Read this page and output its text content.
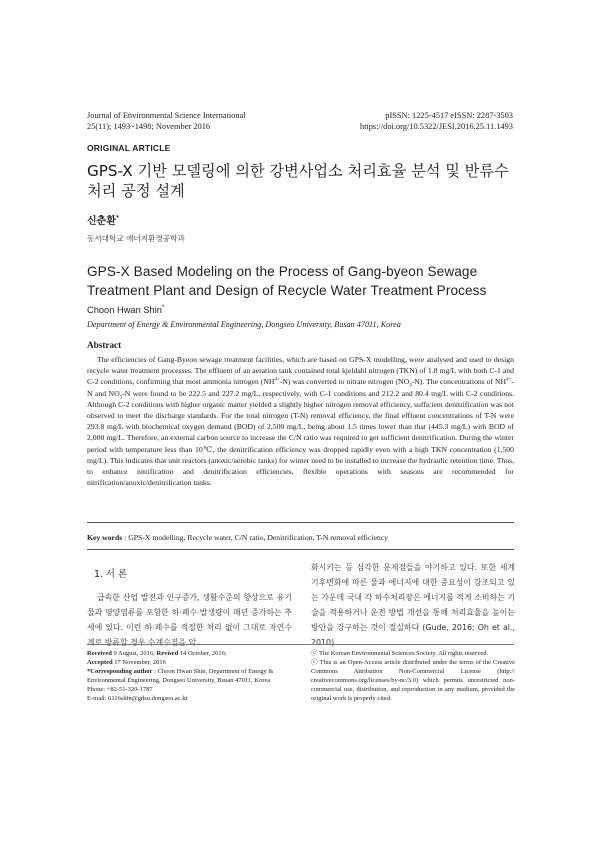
Journal of Environmental Science International
25(11); 1493~1498; November 2016
pISSN: 1225-4517 eISSN: 2287-3503
https://doi.org/10.5322/JESI.2016.25.11.1493
ORIGINAL ARTICLE
GPS-X 기반 모델링에 의한 강변사업소 처리효율 분석 및 반류수 처리 공정 설계
신춘환*
동서대학교 에너지환경공학과
GPS-X Based Modeling on the Process of Gang-byeon Sewage Treatment Plant and Design of Recycle Water Treatment Process
Choon Hwan Shin*
Department of Energy & Environmental Engineering, Dongseo University, Busan 47011, Korea
Abstract

The efficiencies of Gang-Byeon sewage treatment facilities, which are based on GPS-X modelling, were analysed and used to design recycle water treatment processes. The effluent of an aeration tank contained total kjeldahl nitrogen (TKN) of 1.8 mg/L with both C-1 and C-2 conditions, confirming that most ammonia nitrogen $(NH^{4+}-N)$ was converted to nitrate nitrogen $(NO_3-N)$. The concentrations of $NH^{4+}-N$ and $NO_3-N$ were found to be 222.5 and 227.2 mg/L, respectively, with C-1 conditions and 212.2 and 80.4 mg/L with C-2 conditions. Although C-2 conditions with higher organic matter yielded a slightly higher nitrogen removal efficiency, sufficient denitrification was not observed to meet the discharge standards. For the total nitrogen (T-N) removal efficiency, the final effluent concentrations of T-N were 293.8 mg/L with biochemical oxygen demand (BOD) of 2,500 mg/L, being about 1.5 times lower than that (445.3 mg/L) with BOD of 2,000 mg/L. Therefore, an external carbon source to increase the C/N ratio was required to get sufficient denitrification. During the winter period with temperature less than 10℃, the denitrification efficiency was dropped rapidly even with a high TKN concentration (1,500 mg/L). This indicates that unit reactors (anoxic/aerobic tanks) for winter need to be installed to increase the hydraulic retention time. Thus, to enhance nitrification and denitrification efficiencies, flexible operations with seasons are recommended for nitrification/anoxic/denitrification tanks.

Key words : GPS-X modelling, Recycle water, C/N ratio, Denitrification, T-N removal efficiency
1. 서 론

급속한 산업 발전과 인구증가, 생활수준의 향상으로 유기물과 영양염류를 포함한 하·폐수 발생량이 매년 증가하는 추세에 있다. 이런 하·폐수를 적절한 처리 없이 그대로 자연수계로 방류할 경우 수계수질을 악

화시키는 등 심각한 문제점들을 야기하고 있다. 또한 세계 기후변화에 따른 물과 에너지에 대한 중요성이 강조되고 있는 가운데 국내 각 하수처리장은 에너지를 적게 소비하는 기술을 적용하거나 운전 방법 개선을 통해 처리효율을 높이는 방안을 강구하는 것이 절실하다 (Gude, 2016; Oh et al., 2010).

Received 9 August, 2016; Revised 14 October, 2016;
Accepted 17 November, 2016
*Corresponding author : Choon Hwan Shin, Department of Energy & Environmental Engineering, Dongseo University, Busan 47011, Korea
Phone: +82-51-320-1787
E-mail: 6116shin@gdsu.dongseo.ac.kr
ⓒ The Korean Environmental Sciences Society. All rights reserved.
ⓒ This is an Open-Access article distributed under the terms of the Creative Commons Attribution Non-Commercial License (http:// creativecommons.org/licenses/by-nc/3.0) which permits unrestricted non-commercial use, distribution, and reproduction in any medium, provided the original work is properly cited.
